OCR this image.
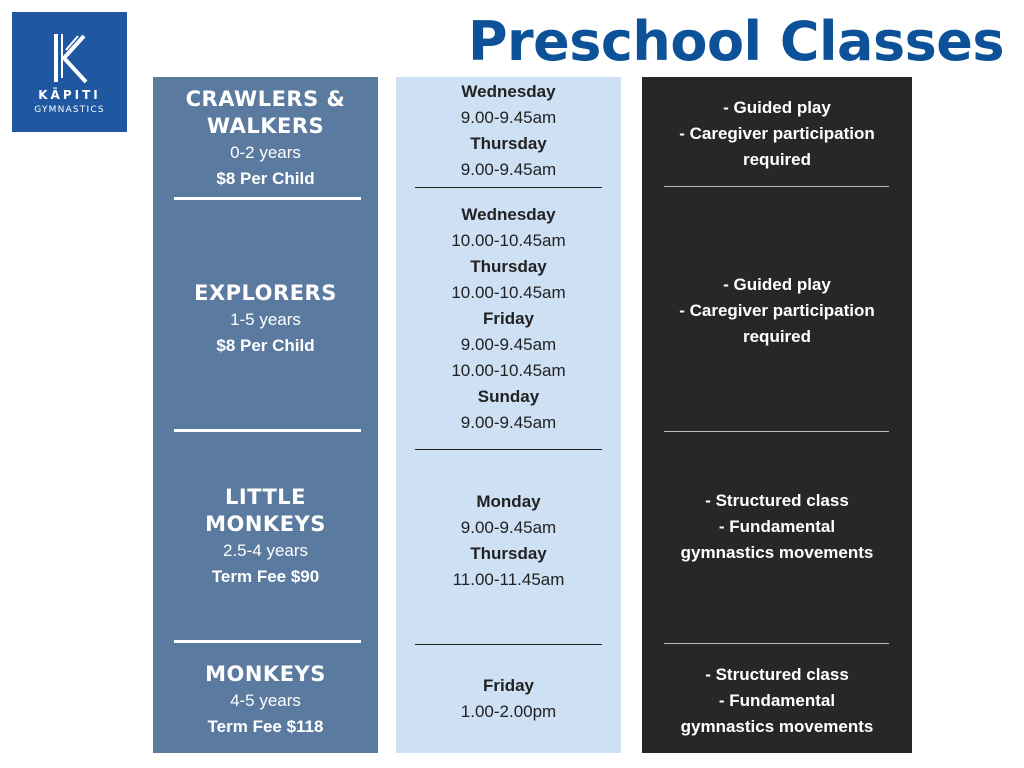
KĀPITI
GYMNASTICS
Preschool Classes
CRAWLERS &
WALKERS
0-2 years
$8 Per Child
EXPLORERS
1-5 years
$8 Per Child
LITTLE
MONKEYS
2.5-4 years
Term Fee $90
MONKEYS
4-5 years
Term Fee $118
Wednesday
9.00-9.45am
Thursday
9.00-9.45am
Wednesday
10.00-10.45am
Thursday
10.00-10.45am
Friday
9.00-9.45am
10.00-10.45am
Sunday
9.00-9.45am
Monday
9.00-9.45am
Thursday
11.00-11.45am
Friday
1.00-2.00pm
- Guided play
- Caregiver participation
required
- Guided play
- Caregiver participation
required
- Structured class
- Fundamental
gymnastics movements
- Structured class
- Fundamental
gymnastics movements
